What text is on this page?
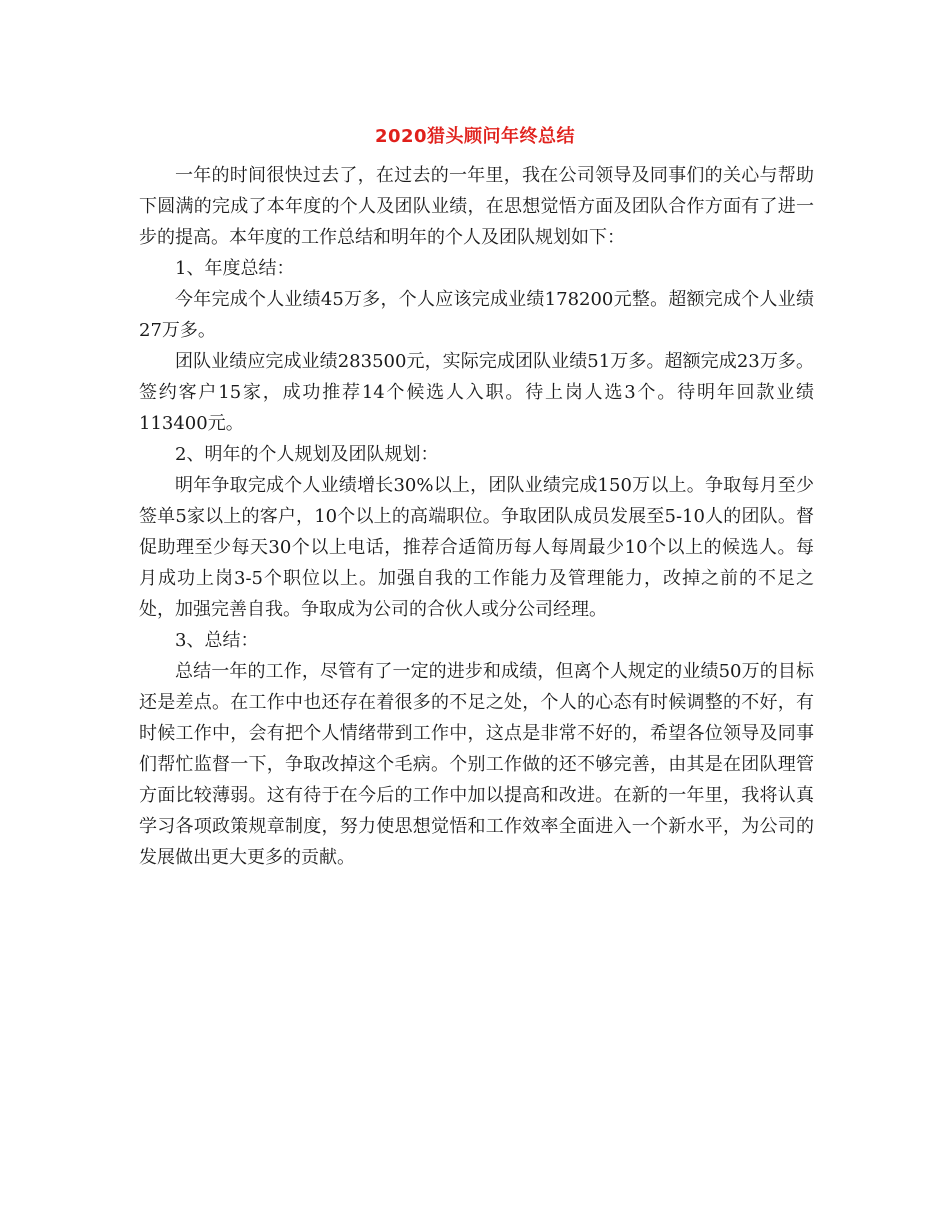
2020猎头顾问年终总结

一年的时间很快过去了，在过去的一年里，我在公司领导及同事们的关心与帮助下圆满的完成了本年度的个人及团队业绩，在思想觉悟方面及团队合作方面有了进一步的提高。本年度的工作总结和明年的个人及团队规划如下：

1、年度总结：

今年完成个人业绩45万多，个人应该完成业绩178200元整。超额完成个人业绩27万多。

团队业绩应完成业绩283500元，实际完成团队业绩51万多。超额完成23万多。 签约客户15家，成功推荐14个候选人入职。待上岗人选3个。待明年回款业绩113400元。

2、明年的个人规划及团队规划：

明年争取完成个人业绩增长30%以上，团队业绩完成150万以上。争取每月至少签单5家以上的客户，10个以上的高端职位。争取团队成员发展至5-10人的团队。督促助理至少每天30个以上电话，推荐合适简历每人每周最少10个以上的候选人。每月成功上岗3-5个职位以上。加强自我的工作能力及管理能力，改掉之前的不足之处，加强完善自我。争取成为公司的合伙人或分公司经理。

3、总结：

总结一年的工作，尽管有了一定的进步和成绩，但离个人规定的业绩50万的目标还是差点。在工作中也还存在着很多的不足之处，个人的心态有时候调整的不好，有时候工作中，会有把个人情绪带到工作中，这点是非常不好的，希望各位领导及同事们帮忙监督一下，争取改掉这个毛病。个别工作做的还不够完善，由其是在团队理管方面比较薄弱。这有待于在今后的工作中加以提高和改进。在新的一年里，我将认真学习各项政策规章制度，努力使思想觉悟和工作效率全面进入一个新水平，为公司的发展做出更大更多的贡献。
